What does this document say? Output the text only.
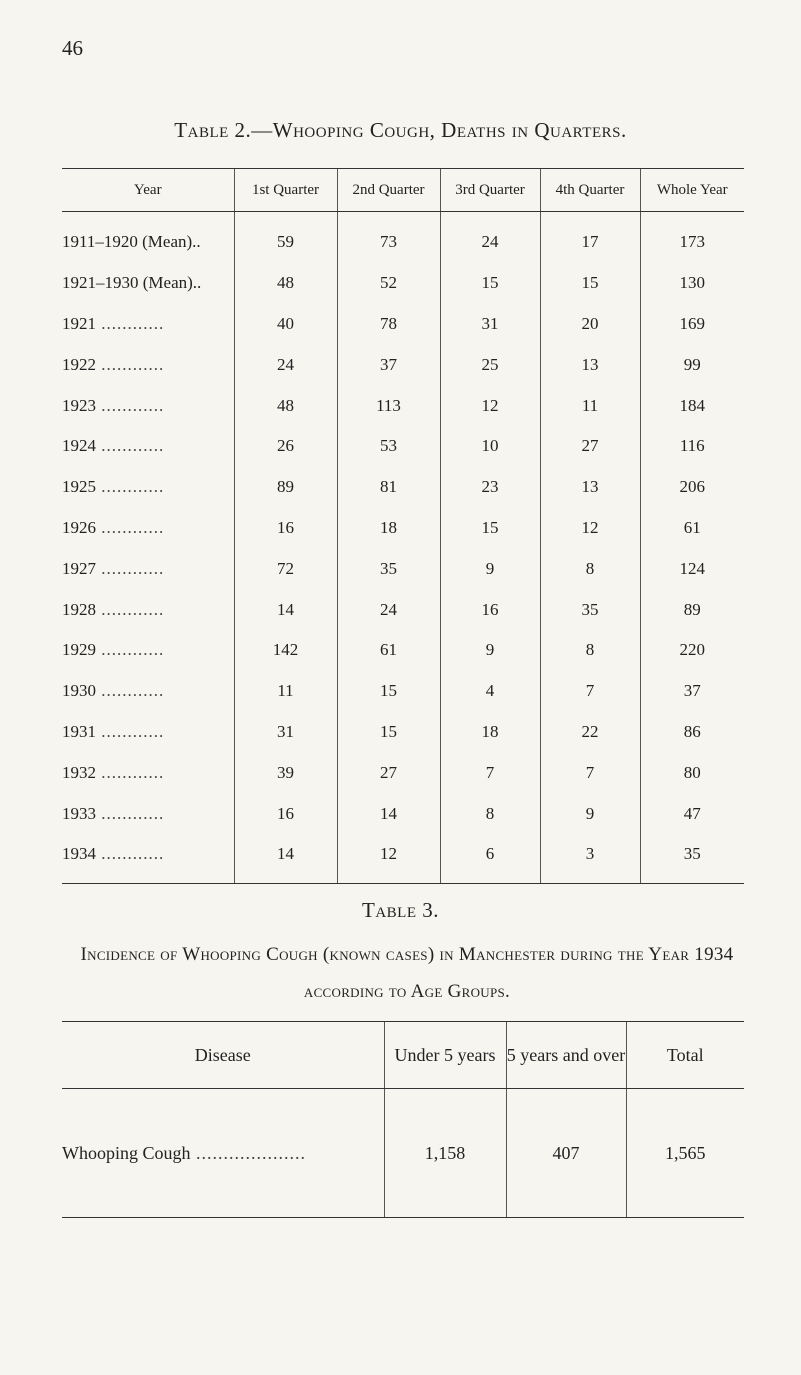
46
Table 2.—Whooping Cough, Deaths in Quarters.
Year	1st Quarter	2nd Quarter	3rd Quarter	4th Quarter	Whole Year
1911–1920 (Mean)..	59	73	24	17	173
1921–1930 (Mean)..	48	52	15	15	130
1921 ............	40	78	31	20	169
1922 ............	24	37	25	13	99
1923 ............	48	113	12	11	184
1924 ............	26	53	10	27	116
1925 ............	89	81	23	13	206
1926 ............	16	18	15	12	61
1927 ............	72	35	9	8	124
1928 ............	14	24	16	35	89
1929 ............	142	61	9	8	220
1930 ............	11	15	4	7	37
1931 ............	31	15	18	22	86
1932 ............	39	27	7	7	80
1933 ............	16	14	8	9	47
1934 ............	14	12	6	3	35
Table 3.
Incidence of Whooping Cough (known cases) in Manchester during the Year 1934 according to Age Groups.
Disease	Under 5 years	5 years and over	Total
Whooping Cough ....................	1,158	407	1,565
